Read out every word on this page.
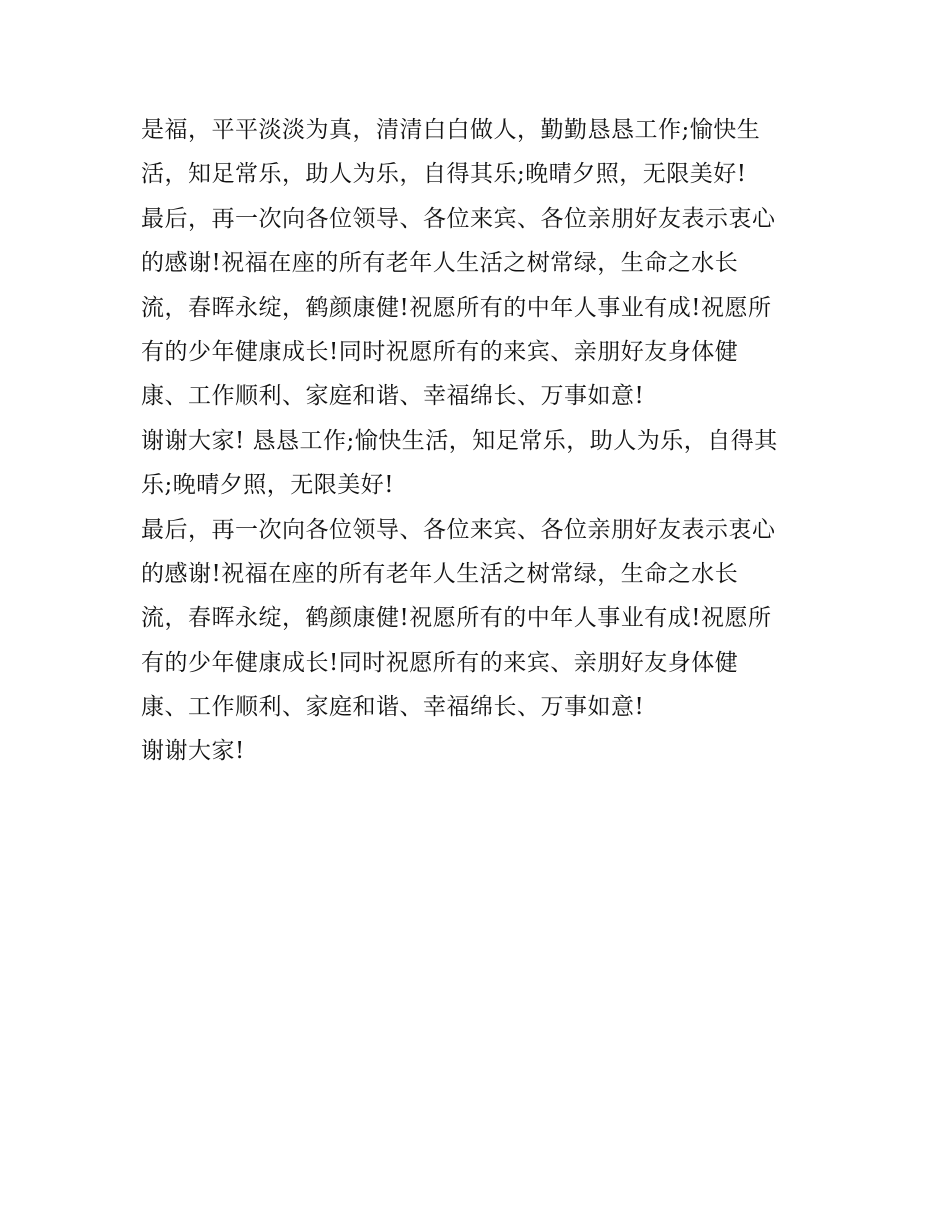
是福，平平淡淡为真，清清白白做人，勤勤恳恳工作;愉快生
活，知足常乐，助人为乐，自得其乐;晚晴夕照，无限美好!
最后，再一次向各位领导、各位来宾、各位亲朋好友表示衷心
的感谢!祝福在座的所有老年人生活之树常绿，生命之水长
流，春晖永绽，鹤颜康健!祝愿所有的中年人事业有成!祝愿所
有的少年健康成长!同时祝愿所有的来宾、亲朋好友身体健
康、工作顺利、家庭和谐、幸福绵长、万事如意!
谢谢大家! 恳恳工作;愉快生活，知足常乐，助人为乐，自得其
乐;晚晴夕照，无限美好!
最后，再一次向各位领导、各位来宾、各位亲朋好友表示衷心
的感谢!祝福在座的所有老年人生活之树常绿，生命之水长
流，春晖永绽，鹤颜康健!祝愿所有的中年人事业有成!祝愿所
有的少年健康成长!同时祝愿所有的来宾、亲朋好友身体健
康、工作顺利、家庭和谐、幸福绵长、万事如意!
谢谢大家!
